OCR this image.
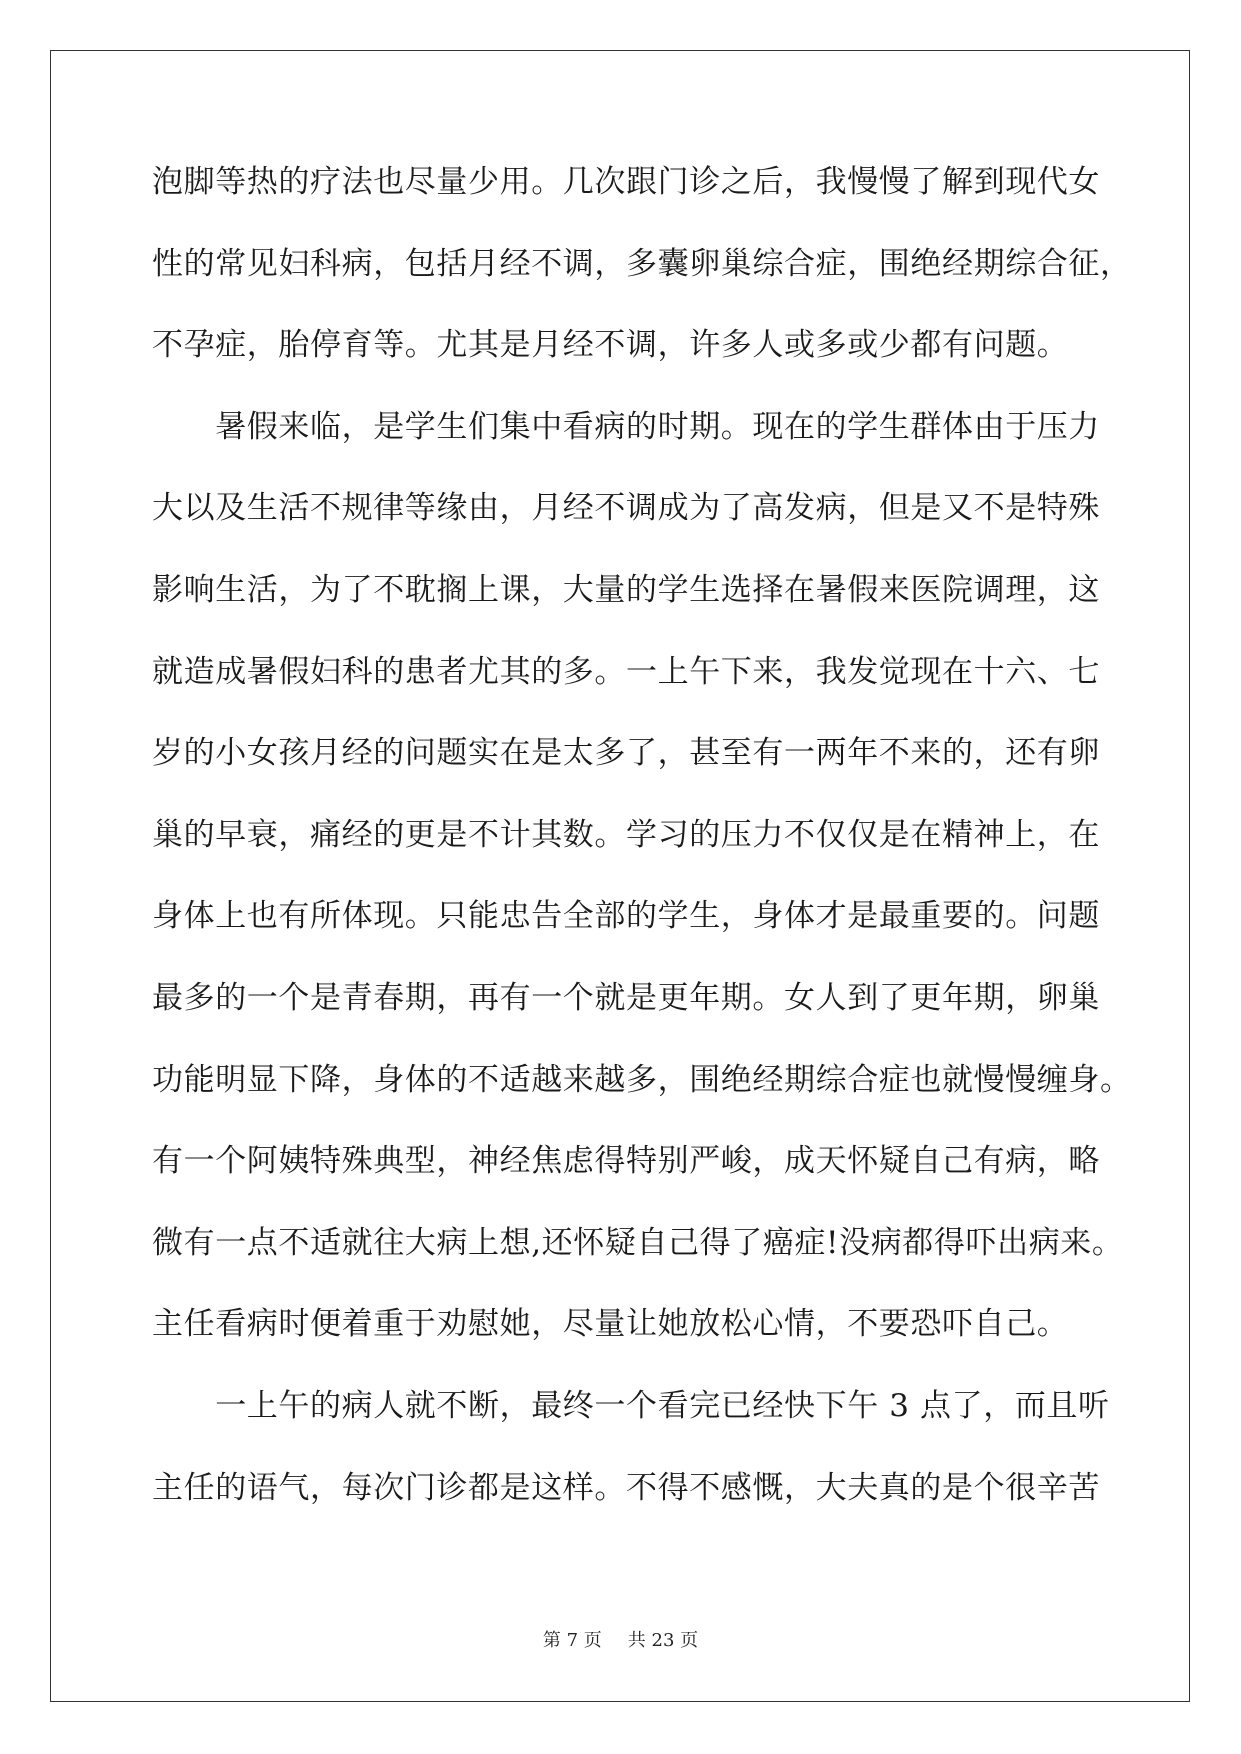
泡脚等热的疗法也尽量少用。几次跟门诊之后，我慢慢了解到现代女
性的常见妇科病，包括月经不调，多囊卵巢综合症，围绝经期综合征，
不孕症，胎停育等。尤其是月经不调，许多人或多或少都有问题。
　　暑假来临，是学生们集中看病的时期。现在的学生群体由于压力
大以及生活不规律等缘由，月经不调成为了高发病，但是又不是特殊
影响生活，为了不耽搁上课，大量的学生选择在暑假来医院调理，这
就造成暑假妇科的患者尤其的多。一上午下来，我发觉现在十六、七
岁的小女孩月经的问题实在是太多了，甚至有一两年不来的，还有卵
巢的早衰，痛经的更是不计其数。学习的压力不仅仅是在精神上，在
身体上也有所体现。只能忠告全部的学生，身体才是最重要的。问题
最多的一个是青春期，再有一个就是更年期。女人到了更年期，卵巢
功能明显下降，身体的不适越来越多，围绝经期综合症也就慢慢缠身。
有一个阿姨特殊典型，神经焦虑得特别严峻，成天怀疑自己有病，略
微有一点不适就往大病上想,还怀疑自己得了癌症!没病都得吓出病来。
主任看病时便着重于劝慰她，尽量让她放松心情，不要恐吓自己。
　　一上午的病人就不断，最终一个看完已经快下午 3 点了，而且听
主任的语气，每次门诊都是这样。不得不感慨，大夫真的是个很辛苦
第 7 页 共 23 页
